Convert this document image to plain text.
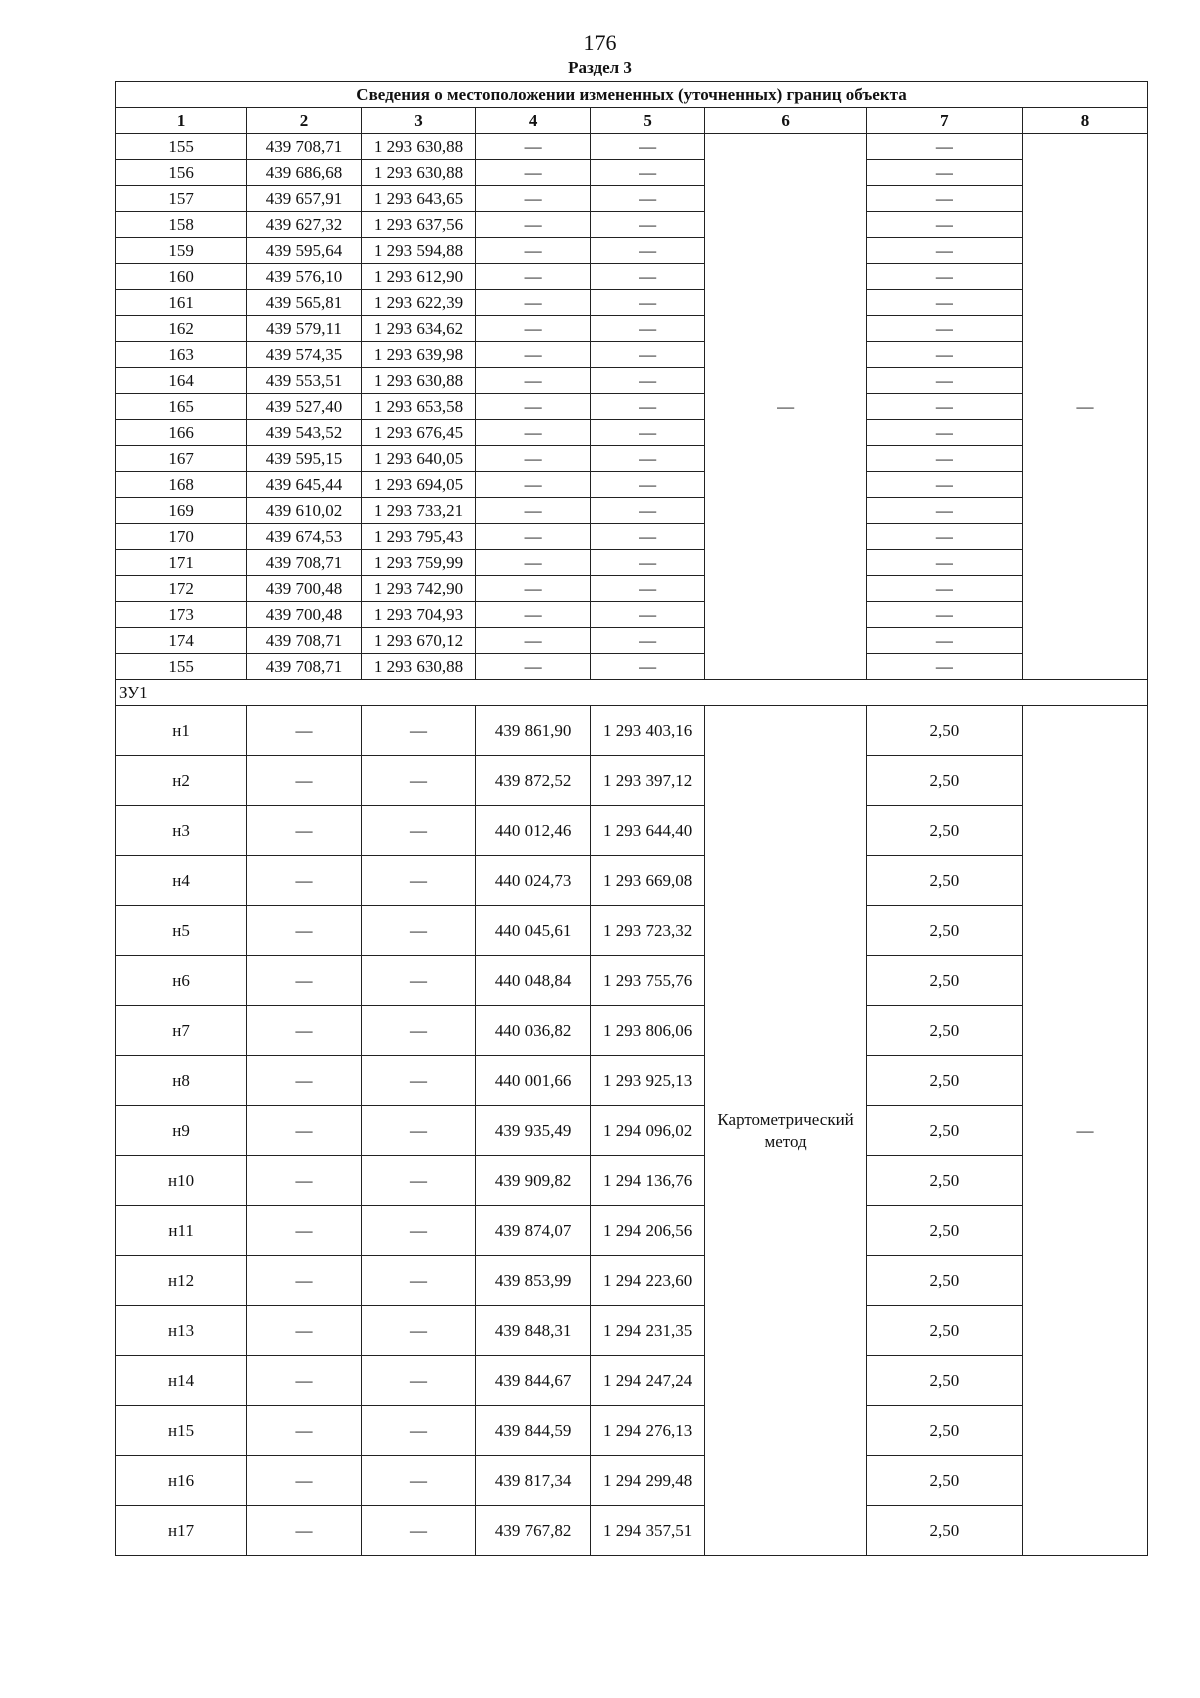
176
Раздел 3
Сведения о местоположении измененных (уточненных) границ объекта							
1	2	3	4	5	6	7	8
155	439 708,71	1 293 630,88	—	—	—	—	—
156	439 686,68	1 293 630,88	—	—		—	
157	439 657,91	1 293 643,65	—	—		—	
158	439 627,32	1 293 637,56	—	—		—	
159	439 595,64	1 293 594,88	—	—		—	
160	439 576,10	1 293 612,90	—	—		—	
161	439 565,81	1 293 622,39	—	—		—	
162	439 579,11	1 293 634,62	—	—		—	
163	439 574,35	1 293 639,98	—	—		—	
164	439 553,51	1 293 630,88	—	—		—	
165	439 527,40	1 293 653,58	—	—		—	
166	439 543,52	1 293 676,45	—	—		—	
167	439 595,15	1 293 640,05	—	—		—	
168	439 645,44	1 293 694,05	—	—		—	
169	439 610,02	1 293 733,21	—	—		—	
170	439 674,53	1 293 795,43	—	—		—	
171	439 708,71	1 293 759,99	—	—		—	
172	439 700,48	1 293 742,90	—	—		—	
173	439 700,48	1 293 704,93	—	—		—	
174	439 708,71	1 293 670,12	—	—		—	
155	439 708,71	1 293 630,88	—	—		—	
ЗУ1							
н1	—	—	439 861,90	1 293 403,16	Картометрический метод	2,50	—
н2	—	—	439 872,52	1 293 397,12		2,50	
н3	—	—	440 012,46	1 293 644,40		2,50	
н4	—	—	440 024,73	1 293 669,08		2,50	
н5	—	—	440 045,61	1 293 723,32		2,50	
н6	—	—	440 048,84	1 293 755,76		2,50	
н7	—	—	440 036,82	1 293 806,06		2,50	
н8	—	—	440 001,66	1 293 925,13		2,50	
н9	—	—	439 935,49	1 294 096,02		2,50	
н10	—	—	439 909,82	1 294 136,76		2,50	
н11	—	—	439 874,07	1 294 206,56		2,50	
н12	—	—	439 853,99	1 294 223,60		2,50	
н13	—	—	439 848,31	1 294 231,35		2,50	
н14	—	—	439 844,67	1 294 247,24		2,50	
н15	—	—	439 844,59	1 294 276,13		2,50	
н16	—	—	439 817,34	1 294 299,48		2,50	
н17	—	—	439 767,82	1 294 357,51		2,50	
